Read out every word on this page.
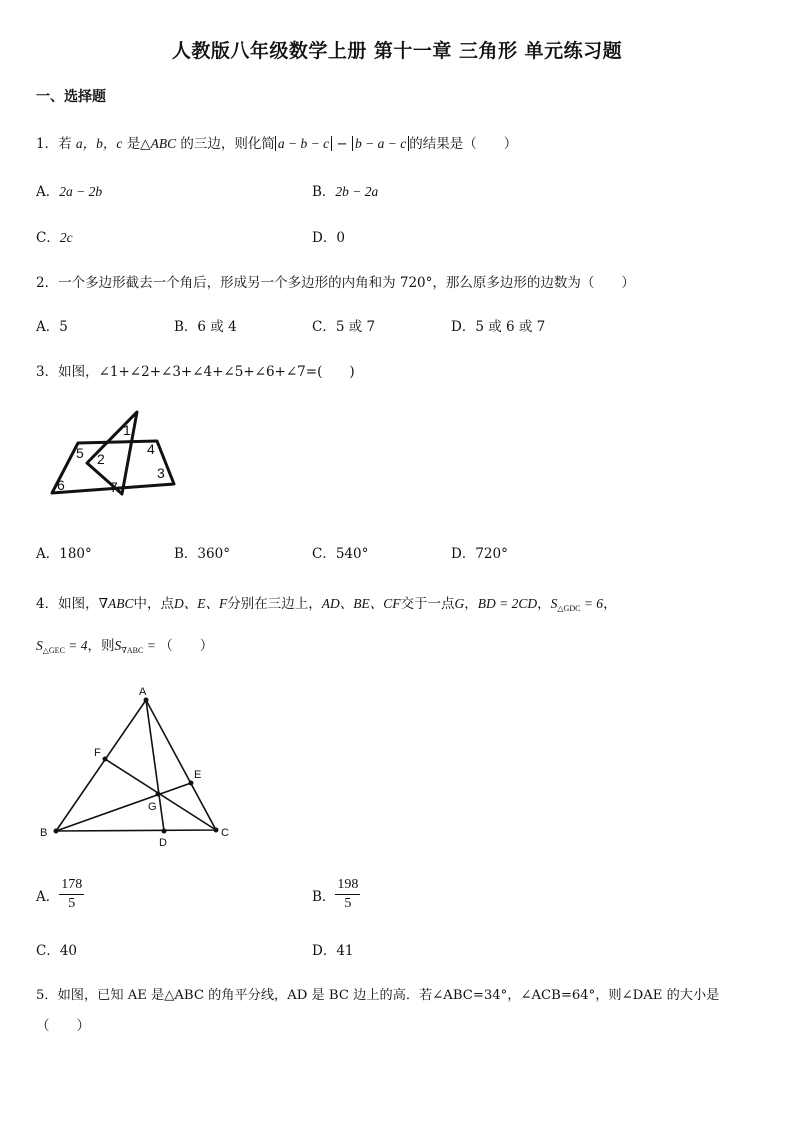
人教版八年级数学上册 第十一章 三角形 单元练习题
一、选择题
1．若 a，b，c 是△ABC 的三边，则化简 a − b − c − b − a − c 的结果是（　　）
A．2a − 2b	B．2b − 2a
C．2c	D．0
2．一个多边形截去一个角后，形成另一个多边形的内角和为 720°，那么原多边形的边数为（　　）
A．5	B．6 或 4	C．5 或 7	D．5 或 6 或 7
3．如图，∠1+∠2+∠3+∠4+∠5+∠6+∠7=(　　)
1
2
3
4
5
6	7
A．180°	B．360°	C．540°	D．720°
4．如图，∇ABC中，点D、E、F分别在三边上，AD、BE、CF交于一点G，BD = 2CD，$S_{\triangle GDC} = 6$，
$S_{\triangle GEC} = 4$，则$S_{\nabla ABC}$ = （　　）
A
B	C
D
E
F
G
A． $\frac{178}{5}$	B． $\frac{198}{5}$
C．40	D．41
5．如图，已知 AE 是△ABC 的角平分线，AD 是 BC 边上的高．若∠ABC=34°，∠ACB=64°，则∠DAE 的大小是
（　　）
